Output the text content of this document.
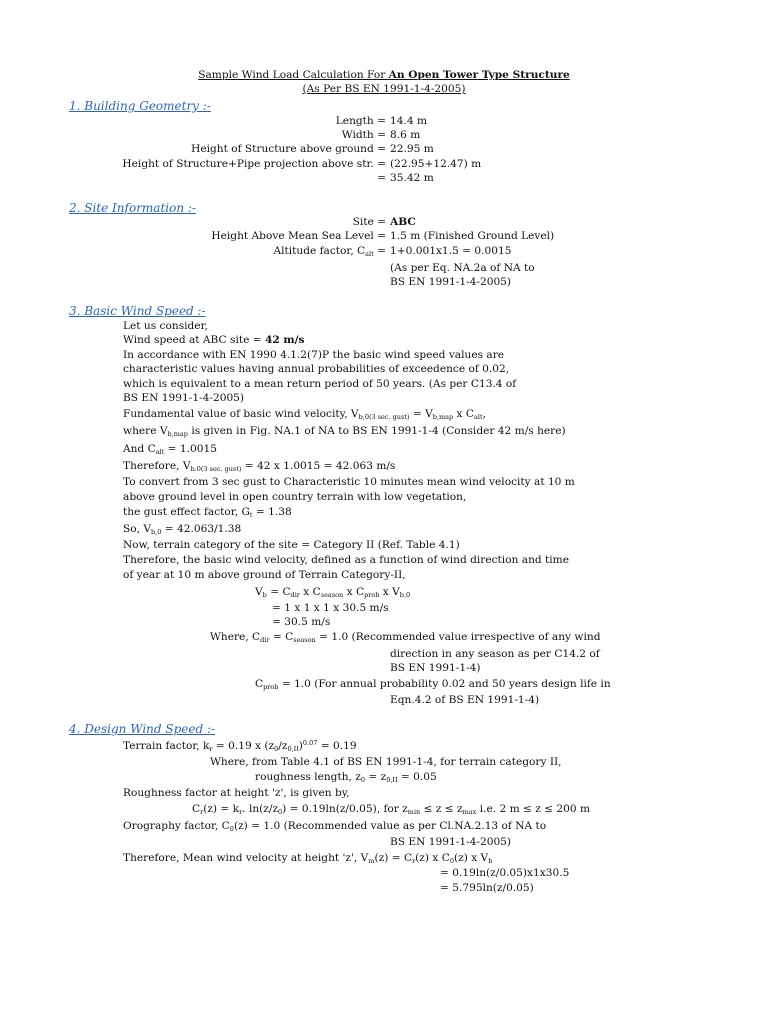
Sample Wind Load Calculation For An Open Tower Type Structure
(As Per BS EN 1991-1-4-2005)
1. Building Geometry :-
Length = 14.4 m
Width = 8.6 m
Height of Structure above ground = 22.95 m
Height of Structure+Pipe projection above str. = (22.95+12.47) m
= 35.42 m
2. Site Information :-
Site = ABC
Height Above Mean Sea Level = 1.5 m (Finished Ground Level)
Altitude factor, $C_{alt} = 1+0.001x1.5 = 0.0015$
(As per Eq. NA.2a of NA to
BS EN 1991-1-4-2005)
3. Basic Wind Speed :-
Let us consider,
Wind speed at ABC site = 42 m/s
In accordance with EN 1990 4.1.2(7)P the basic wind speed values are
characteristic values having annual probabilities of exceedence of 0.02,
which is equivalent to a mean return period of 50 years. (As per C13.4 of
BS EN 1991-1-4-2005)
Fundamental value of basic wind velocity, $V_{b,0(3 sec. gust)} = V_{b,map}$ x $C_{alt}$,
where $V_{b,map}$ is given in Fig. NA.1 of NA to BS EN 1991-1-4 (Consider 42 m/s here)
And $C_{alt} = 1.0015$
Therefore, $V_{b.0(3 sec. gust)} = 42$ x 1.0015 = 42.063 m/s
To convert from 3 sec gust to Characteristic 10 minutes mean wind velocity at 10 m
above ground level in open country terrain with low vegetation,
the gust effect factor, $G_t = 1.38$
So, $V_{b,0} = 42.063/1.38$
Now, terrain category of the site = Category II (Ref. Table 4.1)
Therefore, the basic wind velocity, defined as a function of wind direction and time
of year at 10 m above ground of Terrain Category-II,
$V_b = C_{dir}$ x $C_{season}$ x $C_{prob}$ x $V_{b,0}$
= 1 x 1 x 1 x 30.5 m/s
= 30.5 m/s
Where, $C_{dir} = C_{season} = 1.0$ (Recommended value irrespective of any wind
direction in any season as per C14.2 of
BS EN 1991-1-4)
$C_{prob} = 1.0$ (For annual probability 0.02 and 50 years design life in
Eqn.4.2 of BS EN 1991-1-4)
4. Design Wind Speed :-
Terrain factor, $k_r = 0.19$ x $(z_0/z_{0,II})^{0.07} = 0.19$
Where, from Table 4.1 of BS EN 1991-1-4, for terrain category II,
roughness length, $z_0 = z_{0,II} = 0.05$
Roughness factor at height 'z', is given by,
$C_r(z) = k_r$. $\ln(z/z_0) = 0.19\ln(z/0.05)$, for $z_{min} \le z \le z_{max}$ i.e. 2 m ≤ z ≤ 200 m
Orography factor, $C_0(z) = 1.0$ (Recommended value as per Cl.NA.2.13 of NA to
BS EN 1991-1-4-2005)
Therefore, Mean wind velocity at height 'z', $V_m(z) = C_r(z)$ x $C_0(z)$ x $V_b$
= 0.19ln(z/0.05)x1x30.5
= 5.795ln(z/0.05)
